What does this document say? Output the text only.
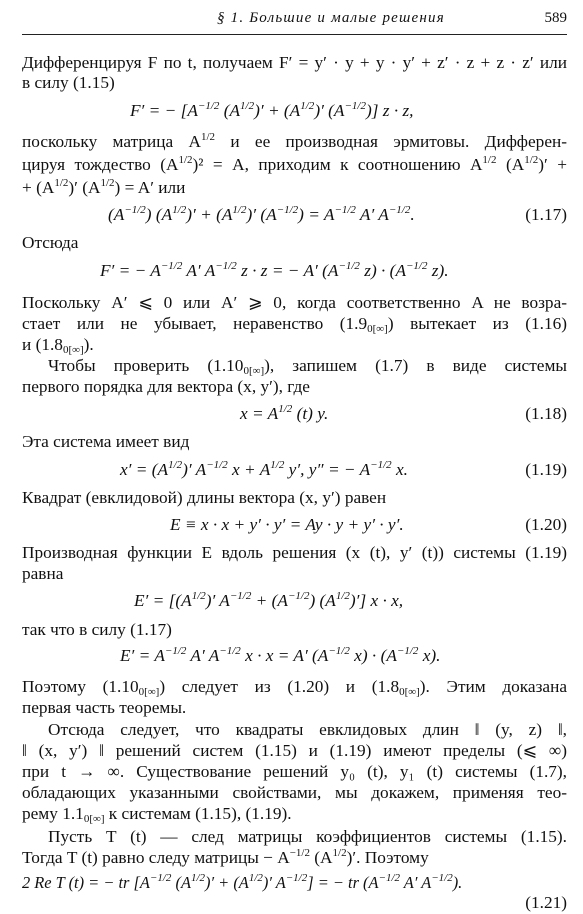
§ 1. Большие и малые решения	589
Дифференцируя F по t, получаем F′ = y′ · y + y · y′ + z′ · z + z · z′ или
в силу (1.15)
F′ = − [$A^{-1/2}$ $(A^{1/2})' + (A^{1/2})'$ $(A^{-1/2})$] z · z,
поскольку матрица $A^{1/2}$ и ее производная эрмитовы. Дифферен-
цируя тождество $(A^{1/2})^2 = A$, приходим к соотношению $A^{1/2}$ $(A^{1/2})'$ +
+ $(A^{1/2})'$ $(A^{1/2}) = A'$ или
$(A^{-1/2}) (A^{1/2})' + (A^{1/2})'$ $(A^{-1/2}) = A^{-1/2}$ A′ $A^{-1/2}$.	(1.17)
Отсюда
F′ = − $A^{-1/2}$ A′ $A^{-1/2}$ z · z = − A′ ($A^{-1/2}$ $z) \cdot (A^{-1/2}$ z).
Поскольку A′ ⩽ 0 или A′ ⩾ 0, когда соответственно A не возра-
стает или не убывает, неравенство $(1.9_{0[\infty]})$ вытекает из (1.16)
и $(1.8_{0[\infty]})$.
Чтобы проверить $(1.10_{0[\infty]})$, запишем (1.7) в виде системы
первого порядка для вектора (x, y′), где
$x = A^{1/2}$ (t) y.	(1.18)
Эта система имеет вид
$x' = (A^{1/2})'$ $A^{-1/2}$ $x + A^{1/2}$ y′, y″ = − $A^{-1/2}$ x.	(1.19)
Квадрат (евклидовой) длины вектора (x, y′) равен
E ≡ x · x + y′ · y′ = Ay · y + y′ · y′.	(1.20)
Производная функции E вдоль решения (x (t), y′ (t)) системы (1.19)
равна
$E' = [(A^{1/2})'$ $A^{-1/2} + (A^{-1/2})$ $(A^{1/2})'$] x · x,
так что в силу (1.17)
$E' = A^{-1/2}$ A′ $A^{-1/2}$ x · x = A′ ($A^{-1/2}$ $x) \cdot (A^{-1/2}$ x).
Поэтому $(1.10_{0[\infty]})$ следует из (1.20) и $(1.8_{0[\infty]})$. Этим доказана
первая часть теоремы.
Отсюда следует, что квадраты евклидовых длин ‖ (y, z) ‖,
‖ (x, y′) ‖ решений систем (1.15) и (1.19) имеют пределы (⩽ ∞)
при t → ∞. Существование решений y₀ (t), y₁ (t) системы (1.7),
обладающих указанными свойствами, мы докажем, применяя тео-
рему $1.1_{0[\infty]}$ к системам (1.15), (1.19).
Пусть T (t) — след матрицы коэффициентов системы (1.15).
Тогда T (t) равно следу матрицы − $A^{-1/2}$ $(A^{1/2})'$. Поэтому
2 Re T (t) = − tr [$A^{-1/2}$ $(A^{1/2})' + (A^{1/2})'$ $A^{-1/2}$] = − tr ($A^{-1/2}$ A′ $A^{-1/2}$).
(1.21)
